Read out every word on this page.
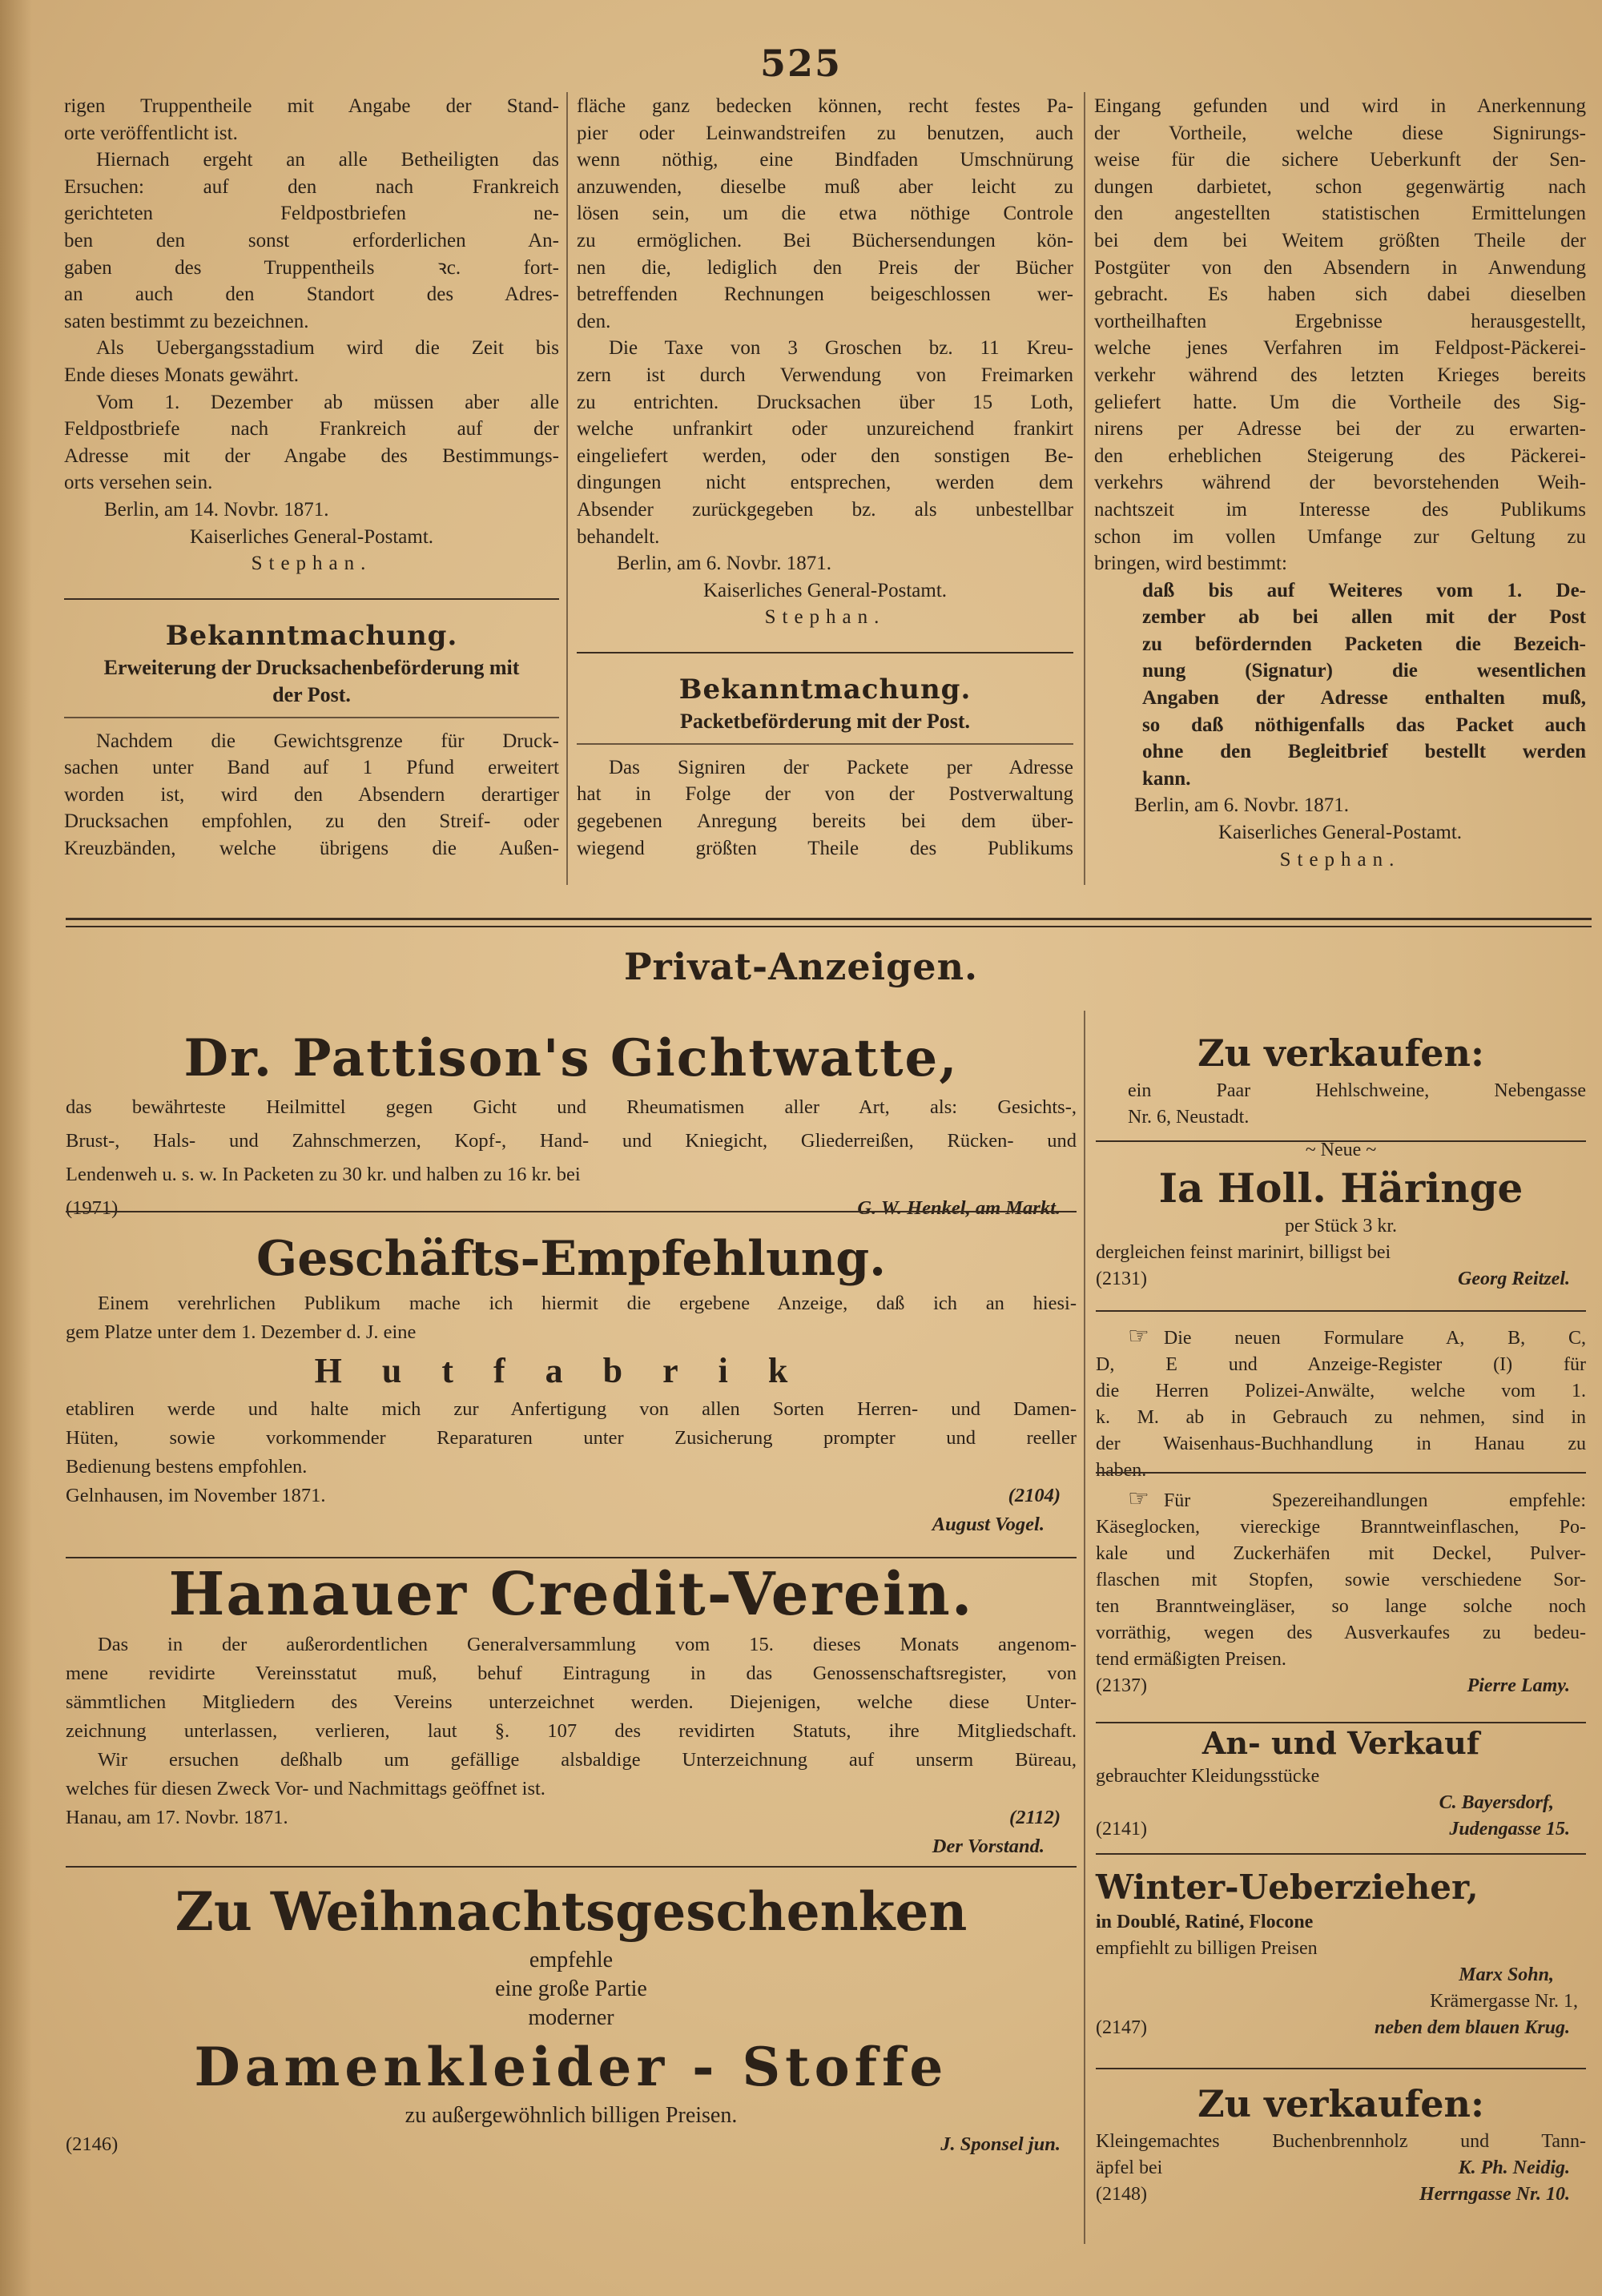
525
rigen Truppentheile mit Angabe der Stand-
orte veröffentlicht ist.
Hiernach ergeht an alle Betheiligten das
Ersuchen: auf den nach Frankreich
gerichteten Feldpostbriefen ne-
ben den sonst erforderlichen An-
gaben des Truppentheils ꝛc. fort-
an auch den Standort des Adres-
saten bestimmt zu bezeichnen.
Als Uebergangsstadium wird die Zeit bis
Ende dieses Monats gewährt.
Vom 1. Dezember ab müssen aber alle
Feldpostbriefe nach Frankreich auf der
Adresse mit der Angabe des Bestimmungs-
orts versehen sein.
Berlin, am 14. Novbr. 1871.
Kaiserliches General-Postamt.
Stephan.
Bekanntmachung.
Erweiterung der Drucksachenbeförderung mit
der Post.
Nachdem die Gewichtsgrenze für Druck-
sachen unter Band auf 1 Pfund erweitert
worden ist, wird den Absendern derartiger
Drucksachen empfohlen, zu den Streif- oder
Kreuzbänden, welche übrigens die Außen-
fläche ganz bedecken können, recht festes Pa-
pier oder Leinwandstreifen zu benutzen, auch
wenn nöthig, eine Bindfaden Umschnürung
anzuwenden, dieselbe muß aber leicht zu
lösen sein, um die etwa nöthige Controle
zu ermöglichen. Bei Büchersendungen kön-
nen die, lediglich den Preis der Bücher
betreffenden Rechnungen beigeschlossen wer-
den.
Die Taxe von 3 Groschen bz. 11 Kreu-
zern ist durch Verwendung von Freimarken
zu entrichten. Drucksachen über 15 Loth,
welche unfrankirt oder unzureichend frankirt
eingeliefert werden, oder den sonstigen Be-
dingungen nicht entsprechen, werden dem
Absender zurückgegeben bz. als unbestellbar
behandelt.
Berlin, am 6. Novbr. 1871.
Kaiserliches General-Postamt.
Stephan.
Bekanntmachung.
Packetbeförderung mit der Post.
Das Signiren der Packete per Adresse
hat in Folge der von der Postverwaltung
gegebenen Anregung bereits bei dem über-
wiegend größten Theile des Publikums
Eingang gefunden und wird in Anerkennung
der Vortheile, welche diese Signirungs-
weise für die sichere Ueberkunft der Sen-
dungen darbietet, schon gegenwärtig nach
den angestellten statistischen Ermittelungen
bei dem bei Weitem größten Theile der
Postgüter von den Absendern in Anwendung
gebracht. Es haben sich dabei dieselben
vortheilhaften Ergebnisse herausgestellt,
welche jenes Verfahren im Feldpost-Päckerei-
verkehr während des letzten Krieges bereits
geliefert hatte. Um die Vortheile des Sig-
nirens per Adresse bei der zu erwarten-
den erheblichen Steigerung des Päckerei-
verkehrs während der bevorstehenden Weih-
nachtszeit im Interesse des Publikums
schon im vollen Umfange zur Geltung zu
bringen, wird bestimmt:
daß bis auf Weiteres vom 1. De-
zember ab bei allen mit der Post
zu befördernden Packeten die Bezeich-
nung (Signatur) die wesentlichen
Angaben der Adresse enthalten muß,
so daß nöthigenfalls das Packet auch
ohne den Begleitbrief bestellt werden
kann.
Berlin, am 6. Novbr. 1871.
Kaiserliches General-Postamt.
Stephan.
Privat-Anzeigen.
Dr. Pattison's Gichtwatte,
das bewährteste Heilmittel gegen Gicht und Rheumatismen aller Art, als: Gesichts-,
Brust-, Hals- und Zahnschmerzen, Kopf-, Hand- und Kniegicht, Gliederreißen, Rücken- und
Lendenweh u. s. w. In Packeten zu 30 kr. und halben zu 16 kr. bei
(1971)	G. W. Henkel, am Markt.
Geschäfts-Empfehlung.
Einem verehrlichen Publikum mache ich hiermit die ergebene Anzeige, daß ich an hiesi-
gem Platze unter dem 1. Dezember d. J. eine
Hutfabrik
etabliren werde und halte mich zur Anfertigung von allen Sorten Herren- und Damen-
Hüten, sowie vorkommender Reparaturen unter Zusicherung prompter und reeller
Bedienung bestens empfohlen.
Gelnhausen, im November 1871.	(2104)
August Vogel.
Hanauer Credit-Verein.
Das in der außerordentlichen Generalversammlung vom 15. dieses Monats angenom-
mene revidirte Vereinsstatut muß, behuf Eintragung in das Genossenschaftsregister, von
sämmtlichen Mitgliedern des Vereins unterzeichnet werden. Diejenigen, welche diese Unter-
zeichnung unterlassen, verlieren, laut §. 107 des revidirten Statuts, ihre Mitgliedschaft.
Wir ersuchen deßhalb um gefällige alsbaldige Unterzeichnung auf unserm Büreau,
welches für diesen Zweck Vor- und Nachmittags geöffnet ist.
Hanau, am 17. Novbr. 1871.	(2112)
Der Vorstand.
Zu Weihnachtsgeschenken
empfehle
eine große Partie
moderner
Damenkleider - Stoffe
zu außergewöhnlich billigen Preisen.
(2146)	J. Sponsel jun.
Zu verkaufen:
ein Paar Hehlschweine, Nebengasse
Nr. 6, Neustadt.
~ Neue ~
Ia Holl. Häringe
per Stück 3 kr.
dergleichen feinst marinirt, billigst bei
(2131)	Georg Reitzel.
☞ Die neuen Formulare A, B, C,
D, E und Anzeige-Register (I) für
die Herren Polizei-Anwälte, welche vom 1.
k. M. ab in Gebrauch zu nehmen, sind in
der Waisenhaus-Buchhandlung in Hanau zu
haben.
☞ Für Spezereihandlungen empfehle:
Käseglocken, viereckige Branntweinflaschen, Po-
kale und Zuckerhäfen mit Deckel, Pulver-
flaschen mit Stopfen, sowie verschiedene Sor-
ten Branntweingläser, so lange solche noch
vorräthig, wegen des Ausverkaufes zu bedeu-
tend ermäßigten Preisen.
(2137)	Pierre Lamy.
An- und Verkauf
gebrauchter Kleidungsstücke
C. Bayersdorf,
(2141)	Judengasse 15.
Winter-Ueberzieher,
in Doublé, Ratiné, Flocone
empfiehlt zu billigen Preisen
Marx Sohn,
Krämergasse Nr. 1,
(2147)	neben dem blauen Krug.
Zu verkaufen:
Kleingemachtes Buchenbrennholz und Tann-
äpfel bei	K. Ph. Neidig.
(2148)	Herrngasse Nr. 10.
